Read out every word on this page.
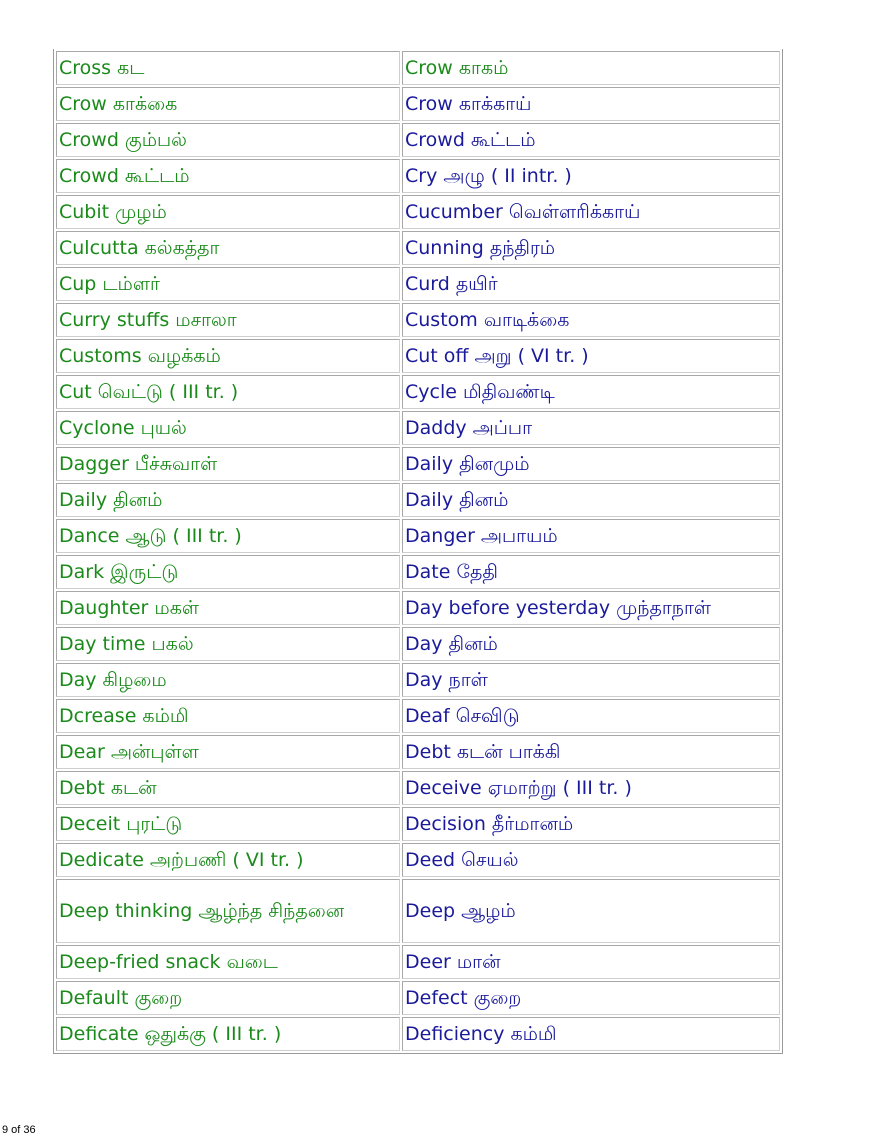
Cross கட	Crow காகம்
Crow காக்கை	Crow காக்காய்
Crowd கும்பல்	Crowd கூட்டம்
Crowd கூட்டம்	Cry அழு ( II intr. )
Cubit முழம்	Cucumber வெள்ளரிக்காய்
Culcutta கல்கத்தா	Cunning தந்திரம்
Cup டம்ளர்	Curd தயிர்
Curry stuffs மசாலா	Custom வாடிக்கை
Customs வழக்கம்	Cut off அறு ( VI tr. )
Cut வெட்டு ( III tr. )	Cycle மிதிவண்டி
Cyclone புயல்	Daddy அப்பா
Dagger பீச்சுவாள்	Daily தினமும்
Daily தினம்	Daily தினம்
Dance ஆடு ( III tr. )	Danger அபாயம்
Dark இருட்டு	Date தேதி
Daughter மகள்	Day before yesterday முந்தாநாள்
Day time பகல்	Day தினம்
Day கிழமை	Day நாள்
Dcrease கம்மி	Deaf செவிடு
Dear அன்புள்ள	Debt கடன் பாக்கி
Debt கடன்	Deceive ஏமாற்று ( III tr. )
Deceit புரட்டு	Decision தீர்மானம்
Dedicate அற்பணி ( VI tr. )	Deed செயல்
Deep thinking ஆழ்ந்த சிந்தனை	Deep ஆழம்
Deep-fried snack வடை	Deer மான்
Default குறை	Defect குறை
Deficate ஒதுக்கு ( III tr. )	Deficiency கம்மி
9 of 36
